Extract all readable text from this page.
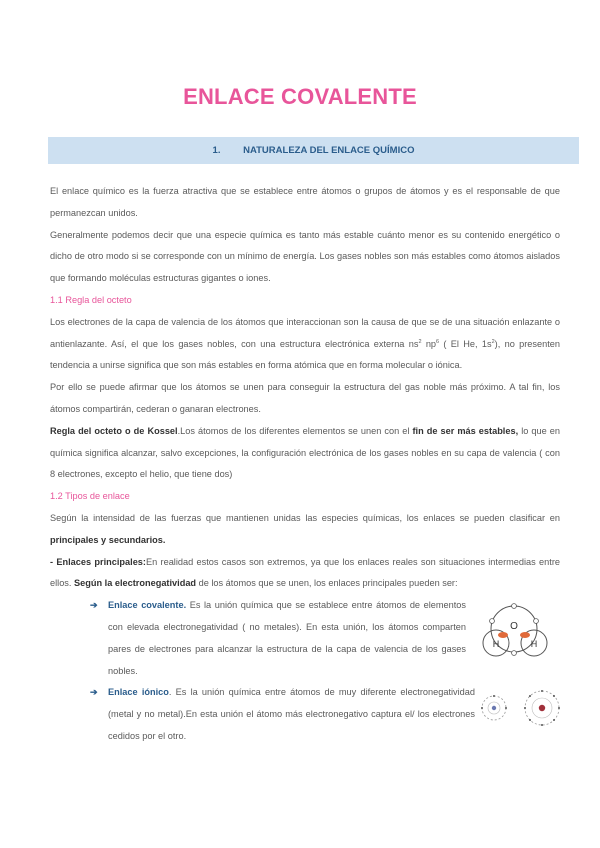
ENLACE COVALENTE
1. NATURALEZA DEL ENLACE QUÍMICO

El enlace químico es la fuerza atractiva que se establece entre átomos o grupos de átomos y es el responsable de que permanezcan unidos.

Generalmente podemos decir que una especie química es tanto más estable cuánto menor es su contenido energético o dicho de otro modo si se corresponde con un mínimo de energía. Los gases nobles son más estables como átomos aislados que formando moléculas estructuras gigantes o iones.

1.1 Regla del octeto

Los electrones de la capa de valencia de los átomos que interaccionan son la causa de que se de una situación enlazante o antienlazante. Así, el que los gases nobles, con una estructura electrónica externa $ns^2$ $np^6$ ( El He, $1s^2$), no presenten tendencia a unirse significa que son más estables en forma atómica que en forma molecular o iónica.

Por ello se puede afirmar que los átomos se unen para conseguir la estructura del gas noble más próximo. A tal fin, los átomos compartirán, cederan o ganaran electrones.

Regla del octeto o de Kossel.Los átomos de los diferentes elementos se unen con el fin de ser más estables, lo que en química significa alcanzar, salvo excepciones, la configuración electrónica de los gases nobles en su capa de valencia ( con 8 electrones, excepto el helio, que tiene dos)

1.2 Tipos de enlace

Según la intensidad de las fuerzas que mantienen unidas las especies químicas, los enlaces se pueden clasificar en principales y secundarios.

- Enlaces principales:En realidad estos casos son extremos, ya que los enlaces reales son situaciones intermedias entre ellos. Según la electronegatividad de los átomos que se unen, los enlaces principales pueden ser:

➔ Enlace covalente. Es la unión química que se establece entre átomos de elementos con elevada electronegatividad ( no metales). En esta unión, los átomos comparten pares de electrones para alcanzar la estructura de la capa de valencia de los gases nobles.

➔ Enlace iónico. Es la unión química entre átomos de muy diferente electronegatividad (metal y no metal).En esta unión el átomo más electronegativo captura el/ los electrones cedidos por el otro.

O
H	H
